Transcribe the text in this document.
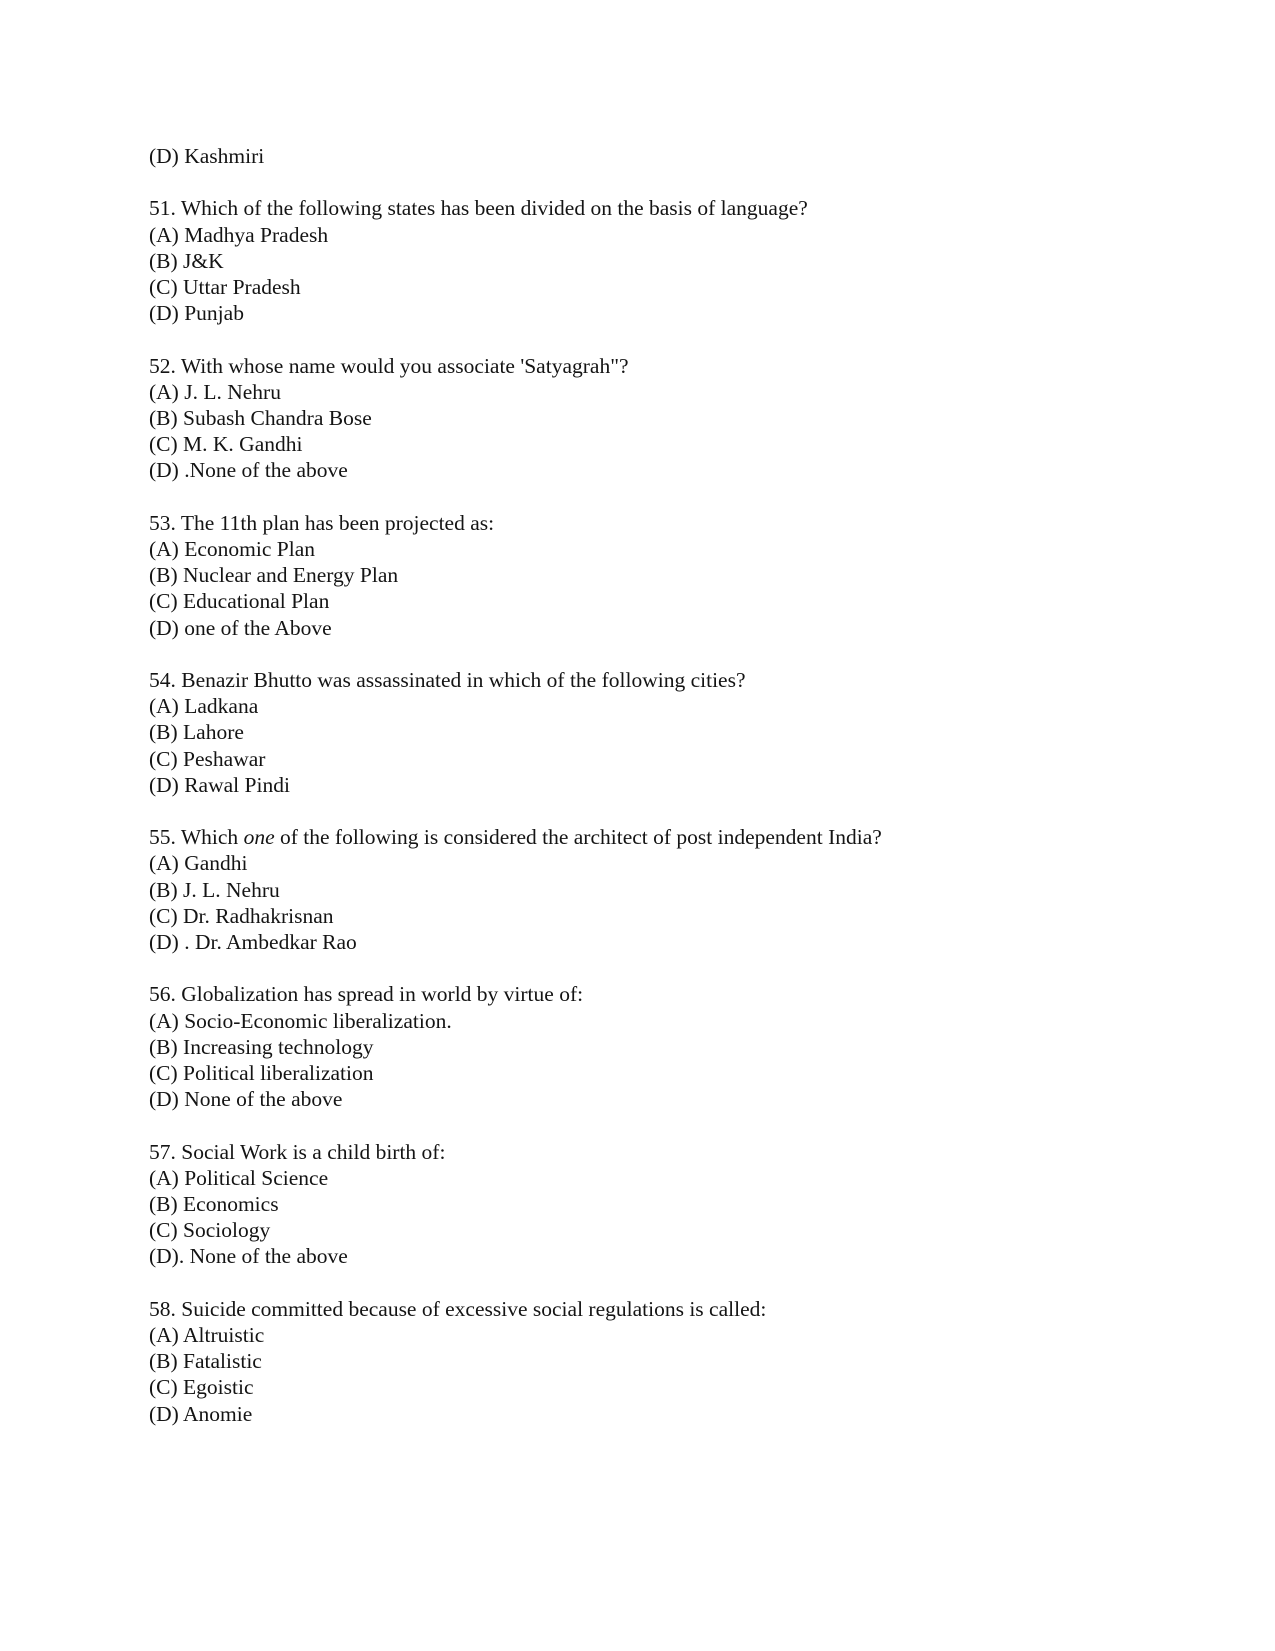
(D) Kashmiri

51. Which of the following states has been divided on the basis of language?

(A) Madhya Pradesh

(B) J&K

(C) Uttar Pradesh

(D) Punjab

52. With whose name would you associate 'Satyagrah"?

(A) J. L. Nehru

(B) Subash Chandra Bose

(C) M. K. Gandhi

(D) .None of the above

53. The 11th plan has been projected as:

(A) Economic Plan

(B) Nuclear and Energy Plan

(C) Educational Plan

(D) one of the Above

54. Benazir Bhutto was assassinated in which of the following cities?

(A) Ladkana

(B) Lahore

(C) Peshawar

(D) Rawal Pindi

55. Which one of the following is considered the architect of post independent India?

(A) Gandhi

(B) J. L. Nehru

(C) Dr. Radhakrisnan

(D) . Dr. Ambedkar Rao

56. Globalization has spread in world by virtue of:

(A) Socio-Economic liberalization.

(B) Increasing technology

(C) Political liberalization

(D) None of the above

57. Social Work is a child birth of:

(A) Political Science

(B) Economics

(C) Sociology

(D). None of the above

58. Suicide committed because of excessive social regulations is called:

(A) Altruistic

(B) Fatalistic

(C) Egoistic

(D) Anomie
